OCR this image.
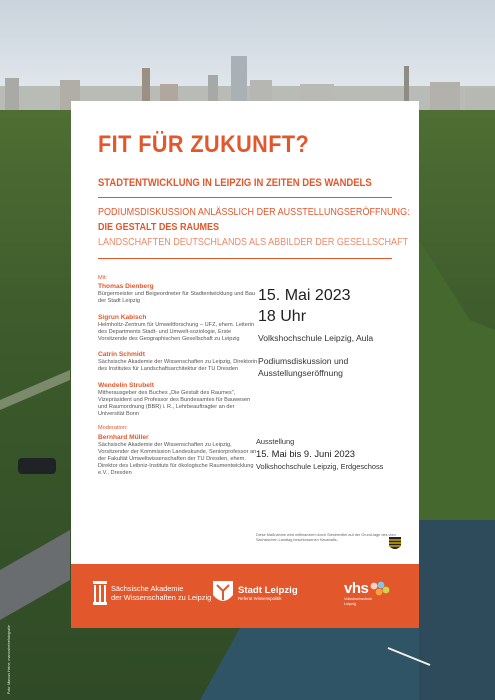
FIT FÜR ZUKUNFT?
STADTENTWICKLUNG IN LEIPZIG IN ZEITEN DES WANDELS
PODIUMSDISKUSSION ANLÄSSLICH DER AUSSTELLUNGSERÖFFNUNG:
DIE GESTALT DES RAUMES
LANDSCHAFTEN DEUTSCHLANDS ALS ABBILDER DER GESELLSCHAFT
Mit:
Thomas Dienberg
Bürgermeister und Beigeordneter für Stadtentwicklung und Bau der Stadt Leipzig
Sigrun Kabisch
Helmholtz-Zentrum für Umweltforschung – UFZ, ehem. Leiterin des Departments Stadt- und Umwelt-soziologie, Erste Vorsitzende des Geographischen Gesellschaft zu Leipzig
Catrin Schmidt
Sächsische Akademie der Wissenschaften zu Leipzig, Direktorin des Institutes für Landschaftsarchitektur der TU Dresden
Wendelin Strubelt
Mitherausgeber des Buches „Die Gestalt des Raumes", Vizepräsident und Professor des Bundesamtes für Bauwesen und Raumordnung (BBR) i. R., Lehrbeauftragter an der Universität Bonn
Moderation:
Bernhard Müller
Sächsische Akademie der Wissenschaften zu Leipzig, Vorsitzender der Kommission Landeskunde, Seniorprofessor an der Fakultät Umweltwissenschaften der TU Dresden, ehem. Direktor des Leibniz-Instituts für ökologische Raumentwicklung e.V., Dresden
15. Mai 2023
18 Uhr
Volkshochschule Leipzig, Aula
Podiumsdiskussion und
Ausstellungseröffnung
Ausstellung
15. Mai bis 9. Juni 2023
Volkshochschule Leipzig, Erdgeschoss
Diese Maßnahme wird mitfinanziert durch Steuermittel auf der Grund-lage des vom Sächsischen Landtag beschlossenen Haushalts.
Sächsische Akademie
der Wissenschaften zu Leipzig
Stadt Leipzig
Referat Wissenspolitik
vhs
Volkshochschule
Leipzig
Foto: Marcus Heine, marcusheinefotografie
